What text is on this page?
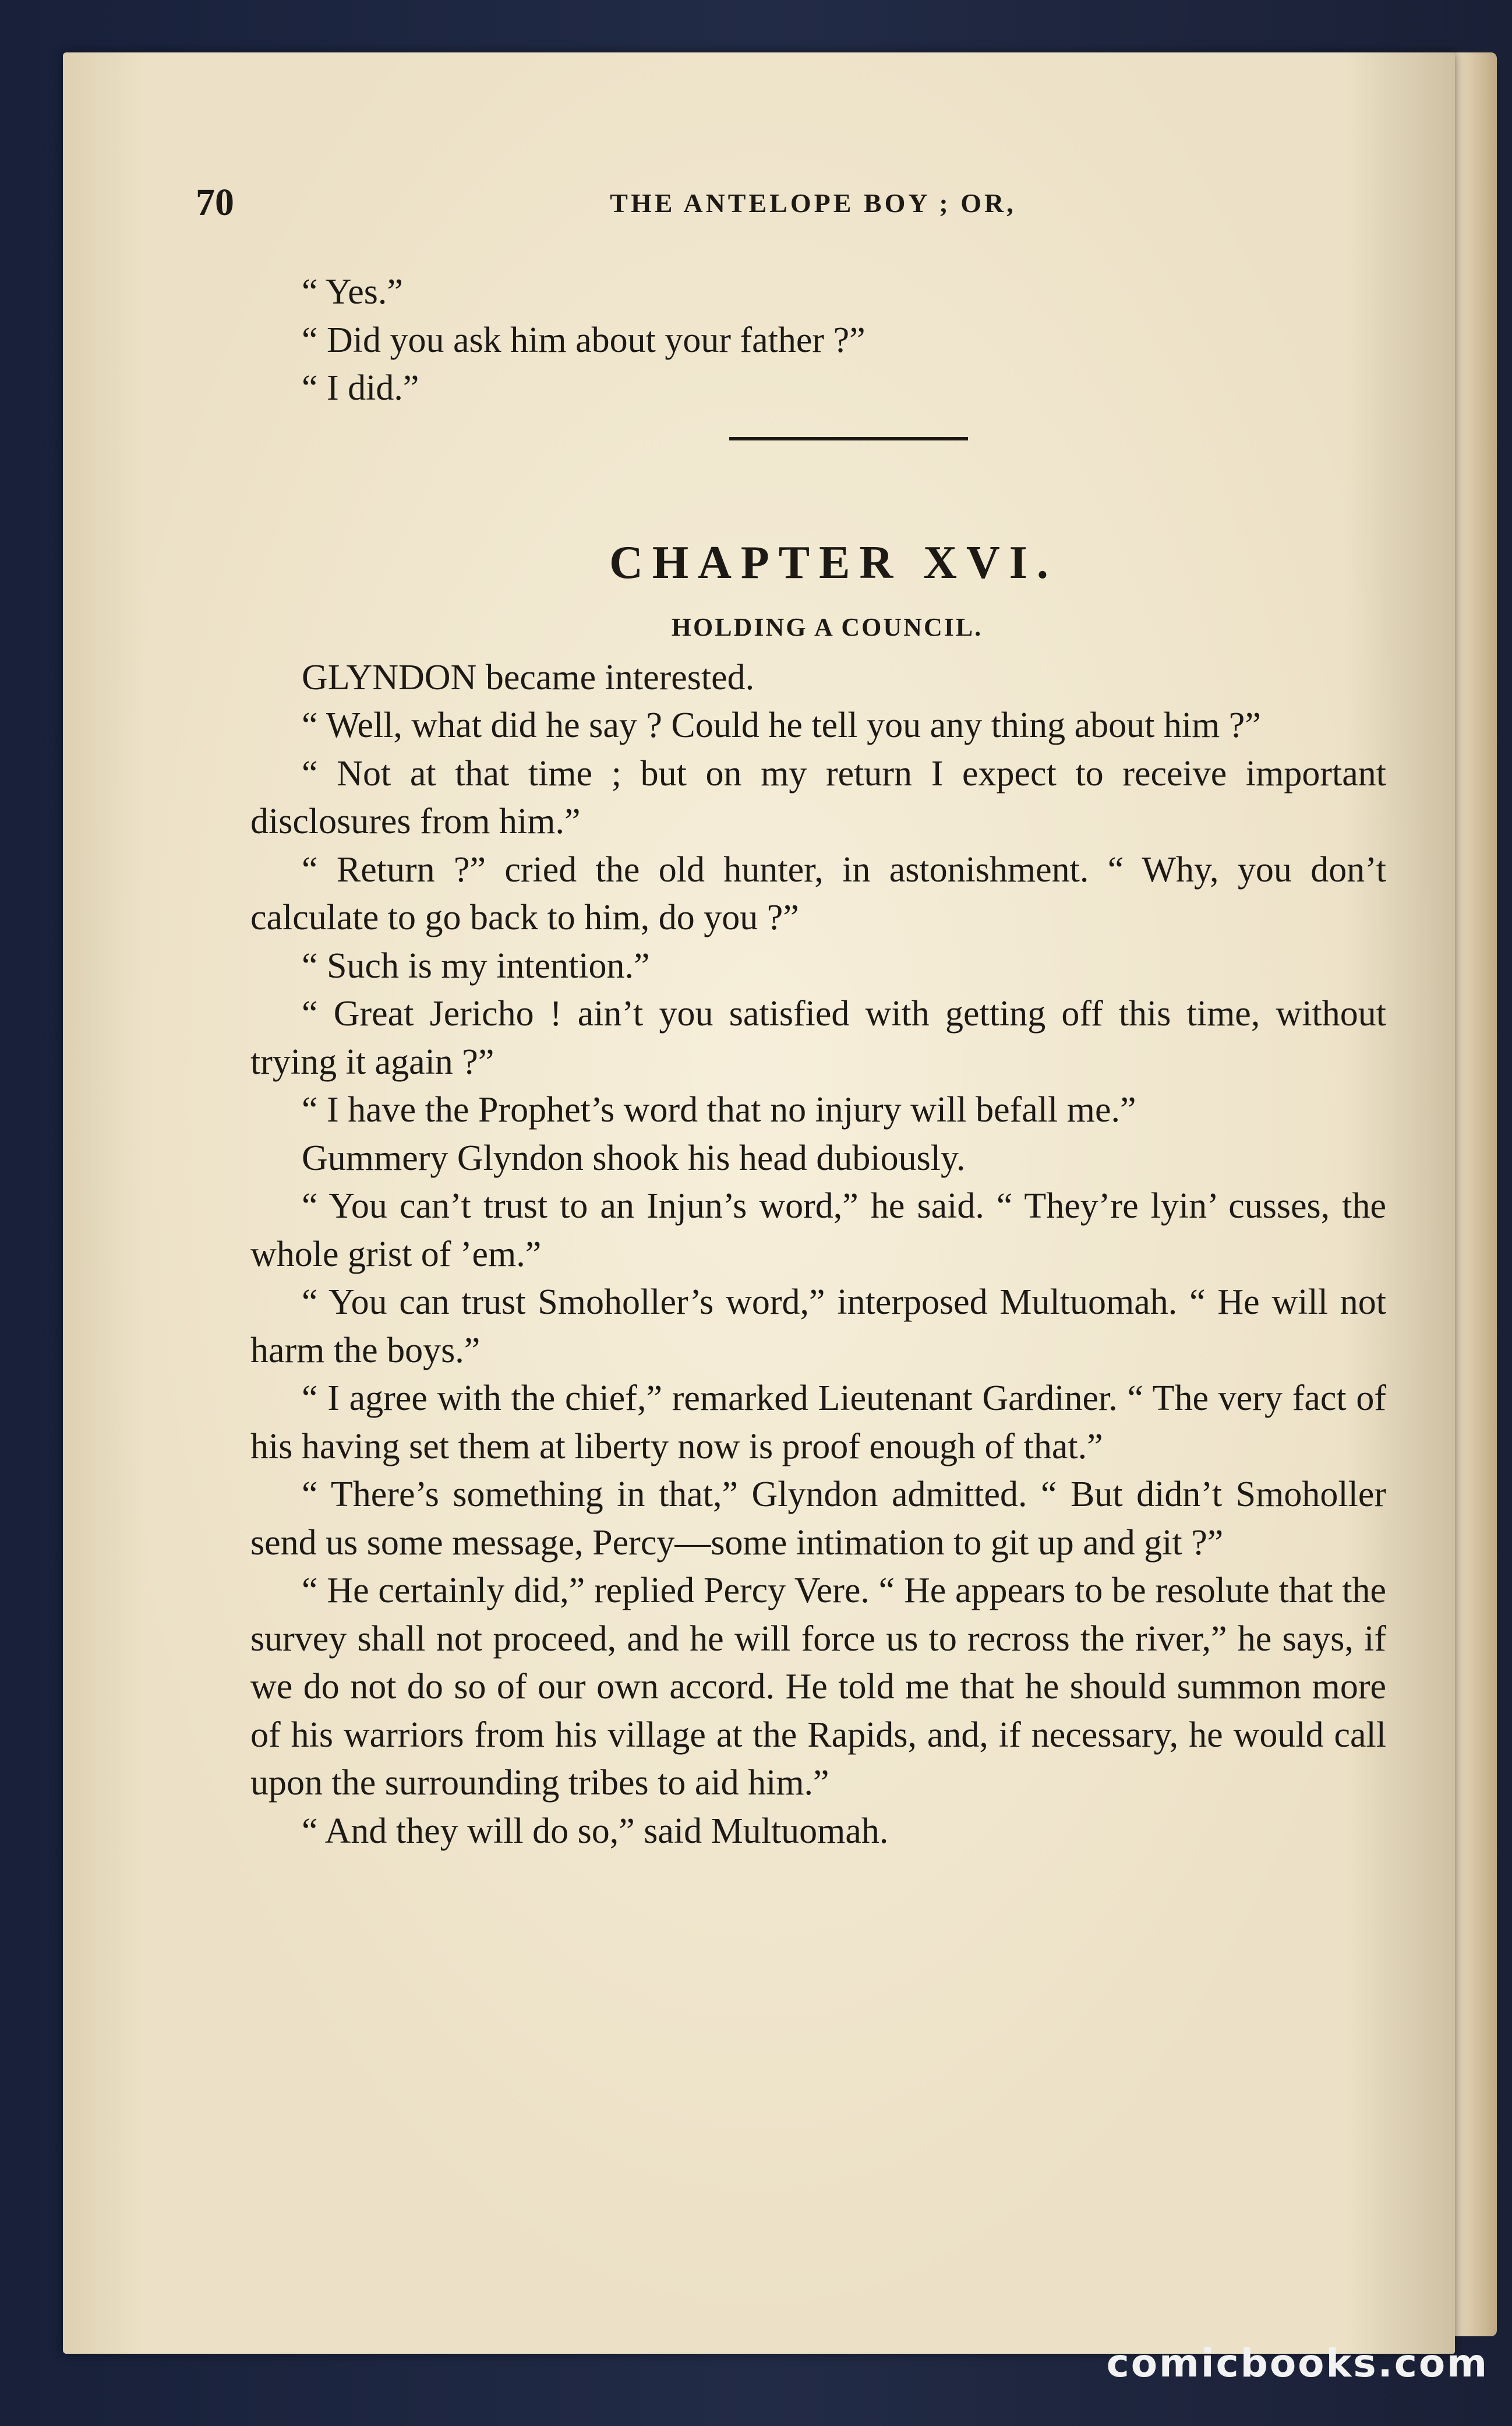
70	THE ANTELOPE BOY ; OR,

“ Yes.”

“ Did you ask him about your father ?”

“ I did.”

CHAPTER XVI.
HOLDING A COUNCIL.

GLYNDON became interested.

“ Well, what did he say ? Could he tell you any thing about him ?”

“ Not at that time ; but on my return I expect to receive important disclosures from him.”

“ Return ?” cried the old hunter, in astonishment. “ Why, you don’t calculate to go back to him, do you ?”

“ Such is my intention.”

“ Great Jericho ! ain’t you satisfied with getting off this time, without trying it again ?”

“ I have the Prophet’s word that no injury will befall me.”

Gummery Glyndon shook his head dubiously.

“ You can’t trust to an Injun’s word,” he said. “ They’re lyin’ cusses, the whole grist of ’em.”

“ You can trust Smoholler’s word,” interposed Multuomah. “ He will not harm the boys.”

“ I agree with the chief,” remarked Lieutenant Gardiner. “ The very fact of his having set them at liberty now is proof enough of that.”

“ There’s something in that,” Glyndon admitted. “ But didn’t Smoholler send us some message, Percy—some intimation to git up and git ?”

“ He certainly did,” replied Percy Vere. “ He appears to be resolute that the survey shall not proceed, and he will force us to recross the river,” he says, if we do not do so of our own accord. He told me that he should summon more of his warriors from his village at the Rapids, and, if necessary, he would call upon the surrounding tribes to aid him.”

“ And they will do so,” said Multuomah.

comicbooks.com
